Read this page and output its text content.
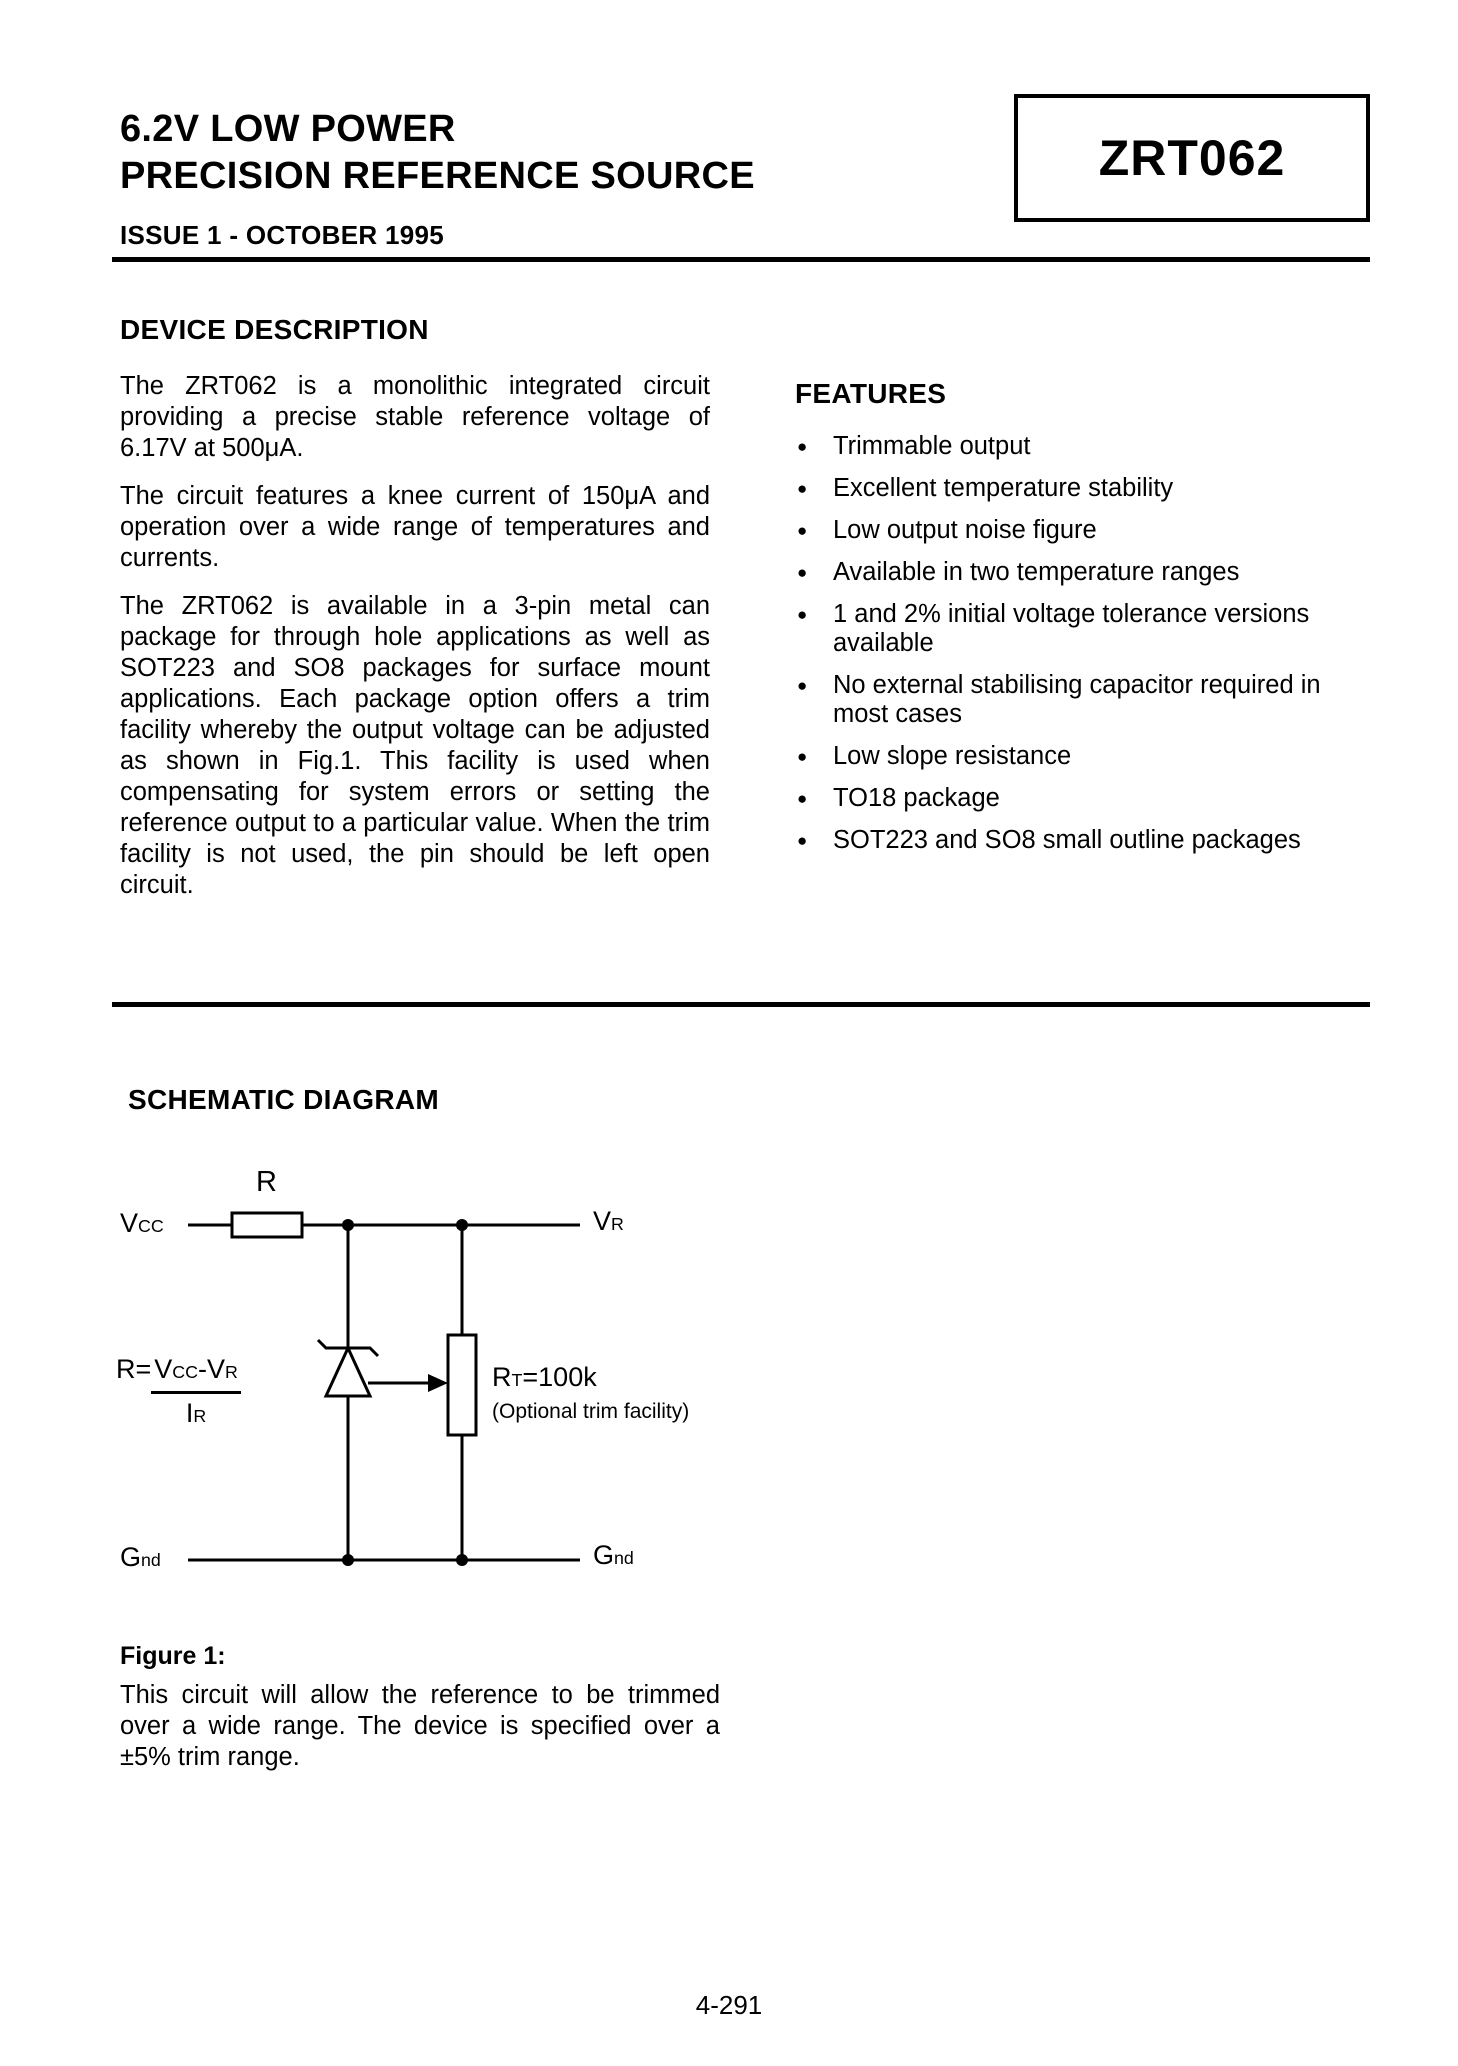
6.2V LOW POWER
PRECISION REFERENCE SOURCE
ISSUE 1 - OCTOBER 1995
ZRT062
DEVICE DESCRIPTION

The ZRT062 is a monolithic integrated circuit providing a precise stable reference voltage of 6.17V at 500μA.

The circuit features a knee current of 150μA and operation over a wide range of temperatures and currents.

The ZRT062 is available in a 3-pin metal can package for through hole applications as well as SOT223 and SO8 packages for surface mount applications. Each package option offers a trim facility whereby the output voltage can be adjusted as shown in Fig.1. This facility is used when compensating for system errors or setting the reference output to a particular value. When the trim facility is not used, the pin should be left open circuit.

FEATURES
●	Trimmable output
●	Excellent temperature stability
●	Low output noise figure
●	Available in two temperature ranges
●	1 and 2% initial voltage tolerance versions available
●	No external stabilising capacitor required in most cases
●	Low slope resistance
●	TO18 package
●	SOT223 and SO8 small outline packages
SCHEMATIC DIAGRAM
R
VCC	VR
$R= \frac{\text{VCC-VR}}{IR}$	RT=100k
(Optional trim facility)
Gnd	Gnd
Figure 1:
This circuit will allow the reference to be trimmed over a wide range. The device is specified over a ±5% trim range.
4-291
